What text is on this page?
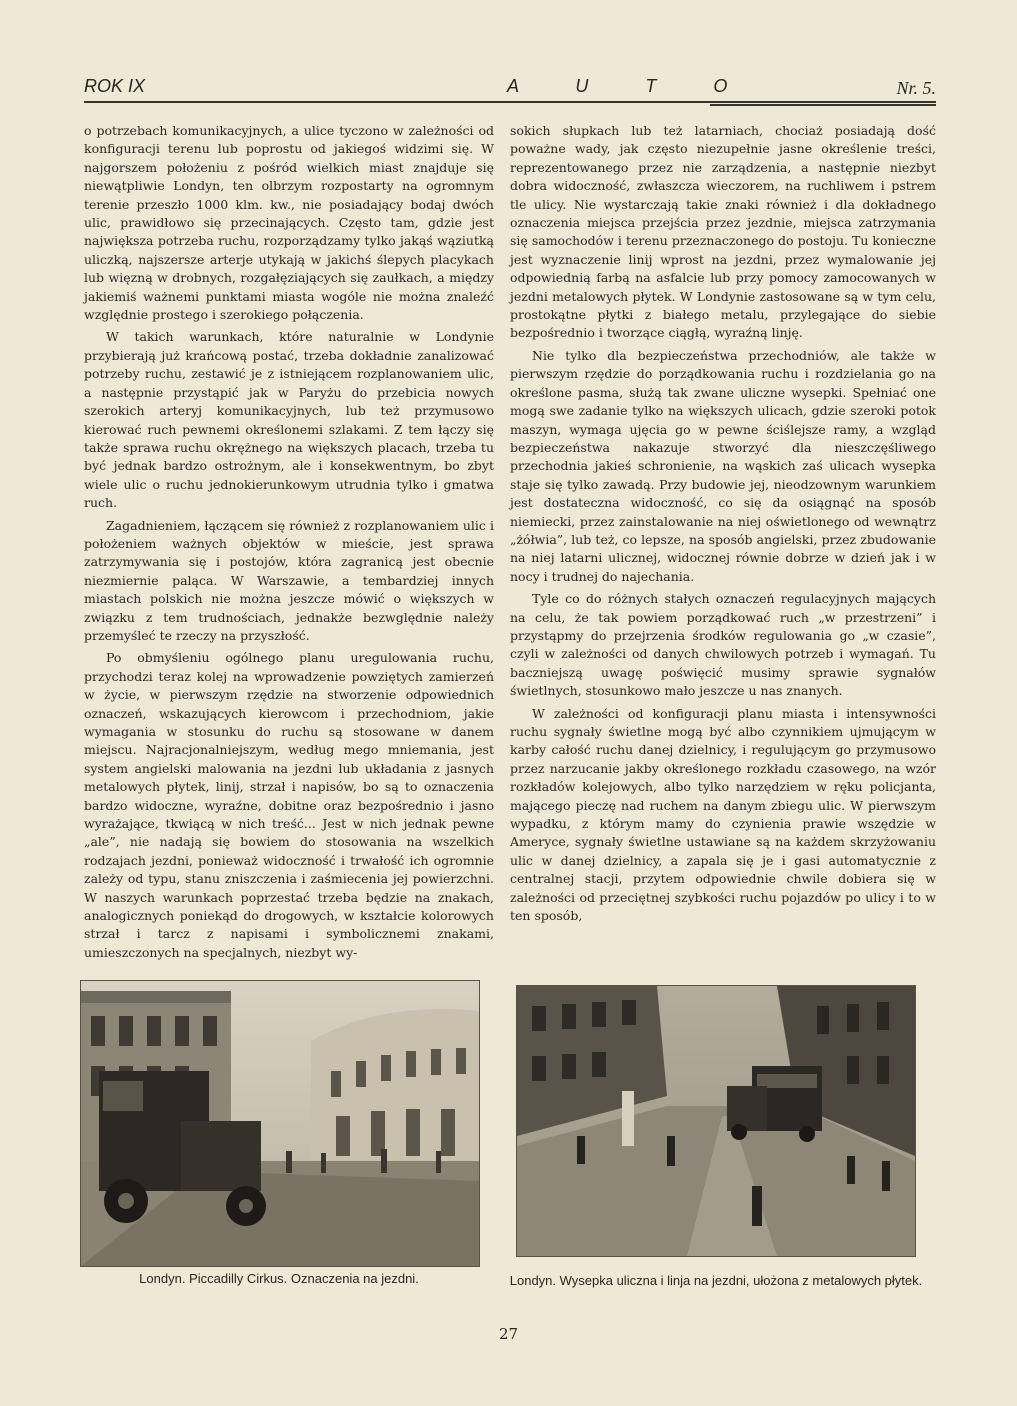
ROK IX	A U T O	Nr. 5.

o potrzebach komunikacyjnych, a ulice tyczono w zależności od konfiguracji terenu lub poprostu od jakiegoś widzimi się. W najgorszem położeniu z pośród wielkich miast znajduje się niewątpliwie Londyn, ten olbrzym rozpostarty na ogromnym terenie przeszło 1000 klm. kw., nie posiadający bodaj dwóch ulic, prawidłowo się przecinających. Często tam, gdzie jest największa potrzeba ruchu, rozporządzamy tylko jakąś wąziutką uliczką, najszersze arterje utykają w jakichś ślepych placykach lub więzną w drobnych, rozgałęziających się zaułkach, a między jakiemiś ważnemi punktami miasta wogóle nie można znaleźć względnie prostego i szerokiego połączenia.

W takich warunkach, które naturalnie w Londynie przybierają już krańcową postać, trzeba dokładnie zanalizować potrzeby ruchu, zestawić je z istniejącem rozplanowaniem ulic, a następnie przystąpić jak w Paryżu do przebicia nowych szerokich arteryj komunikacyjnych, lub też przymusowo kierować ruch pewnemi określonemi szlakami. Z tem łączy się także sprawa ruchu okrężnego na większych placach, trzeba tu być jednak bardzo ostrożnym, ale i konsekwentnym, bo zbyt wiele ulic o ruchu jednokierunkowym utrudnia tylko i gmatwa ruch.

Zagadnieniem, łączącem się również z rozplanowaniem ulic i położeniem ważnych objektów w mieście, jest sprawa zatrzymywania się i postojów, która zagranicą jest obecnie niezmiernie paląca. W Warszawie, a tembardziej innych miastach polskich nie można jeszcze mówić o większych w związku z tem trudnościach, jednakże bezwględnie należy przemyśleć te rzeczy na przyszłość.

Po obmyśleniu ogólnego planu uregulowania ruchu, przychodzi teraz kolej na wprowadzenie powziętych zamierzeń w życie, w pierwszym rzędzie na stworzenie odpowiednich oznaczeń, wskazujących kierowcom i przechodniom, jakie wymagania w stosunku do ruchu są stosowane w danem miejscu. Najracjonalniejszym, według mego mniemania, jest system angielski malowania na jezdni lub układania z jasnych metalowych płytek, linij, strzał i napisów, bo są to oznaczenia bardzo widoczne, wyraźne, dobitne oraz bezpośrednio i jasno wyrażające, tkwiącą w nich treść... Jest w nich jednak pewne „ale”, nie nadają się bowiem do stosowania na wszelkich rodzajach jezdni, ponieważ widoczność i trwałość ich ogromnie zależy od typu, stanu zniszczenia i zaśmiecenia jej powierzchni. W naszych warunkach poprzestać trzeba będzie na znakach, analogicznych poniekąd do drogowych, w kształcie kolorowych strzał i tarcz z napisami i symbolicznemi znakami, umieszczonych na specjalnych, niezbyt wy-

sokich słupkach lub też latarniach, chociaż posiadają dość poważne wady, jak często niezupełnie jasne określenie treści, reprezentowanego przez nie zarządzenia, a następnie niezbyt dobra widoczność, zwłaszcza wieczorem, na ruchliwem i pstrem tle ulicy. Nie wystarczają takie znaki również i dla dokładnego oznaczenia miejsca przejścia przez jezdnie, miejsca zatrzymania się samochodów i terenu przeznaczonego do postoju. Tu konieczne jest wyznaczenie linij wprost na jezdni, przez wymalowanie jej odpowiednią farbą na asfalcie lub przy pomocy zamocowanych w jezdni metalowych płytek. W Londynie zastosowane są w tym celu, prostokątne płytki z białego metalu, przylegające do siebie bezpośrednio i tworzące ciągłą, wyraźną linję.

Nie tylko dla bezpieczeństwa przechodniów, ale także w pierwszym rzędzie do porządkowania ruchu i rozdzielania go na określone pasma, służą tak zwane uliczne wysepki. Spełniać one mogą swe zadanie tylko na większych ulicach, gdzie szeroki potok maszyn, wymaga ujęcia go w pewne ściślejsze ramy, a wzgląd bezpieczeństwa nakazuje stworzyć dla nieszczęśliwego przechodnia jakieś schronienie, na wąskich zaś ulicach wysepka staje się tylko zawadą. Przy budowie jej, nieodzownym warunkiem jest dostateczna widoczność, co się da osiągnąć na sposób niemiecki, przez zainstalowanie na niej oświetlonego od wewnątrz „żółwia”, lub też, co lepsze, na sposób angielski, przez zbudowanie na niej latarni ulicznej, widocznej równie dobrze w dzień jak i w nocy i trudnej do najechania.

Tyle co do różnych stałych oznaczeń regulacyjnych mających na celu, że tak powiem porządkować ruch „w przestrzeni” i przystąpmy do przejrzenia środków regulowania go „w czasie”, czyli w zależności od danych chwilowych potrzeb i wymagań. Tu baczniejszą uwagę poświęcić musimy sprawie sygnałów świetlnych, stosunkowo mało jeszcze u nas znanych.

W zależności od konfiguracji planu miasta i intensywności ruchu sygnały świetlne mogą być albo czynnikiem ujmującym w karby całość ruchu danej dzielnicy, i regulującym go przymusowo przez narzucanie jakby określonego rozkładu czasowego, na wzór rozkładów kolejowych, albo tylko narzędziem w ręku policjanta, mającego pieczę nad ruchem na danym zbiegu ulic. W pierwszym wypadku, z którym mamy do czynienia prawie wszędzie w Ameryce, sygnały świetlne ustawiane są na każdem skrzyżowaniu ulic w danej dzielnicy, a zapala się je i gasi automatycznie z centralnej stacji, przytem odpowiednie chwile dobiera się w zależności od przeciętnej szybkości ruchu pojazdów po ulicy i to w ten sposób,

Londyn. Piccadilly Cirkus. Oznaczenia na jezdni.	Londyn. Wysepka uliczna i linja na jezdni, ułożona z metalowych płytek.
27
